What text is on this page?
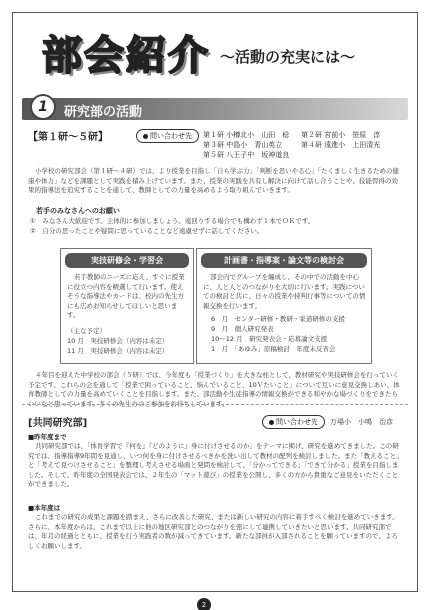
部会紹介 ～活動の充実には～
1	研究部の活動
【第１研～５研】	問い合わせ先	第１研 小樽北小　山田　稔 第２研 宮前小　笹原　淳
第３研 中島小　青山英立	第４研 遠進小　上田清光
第５研 八王子中　坂神道良
小学校の研究部会（第１研～４研）では、より授業を目指し「自ら学ぶ力」「判断を思いやる心」「たくましく生きるための健康や体力」などを課題として実践を積み上げています。また、授業の実践を共有し解決に向けて話し合うことや、技能習得の効果的指導法を追究することを通して、教師としての力量を高めるよう取り組んでいきます。
若手のみなさんへのお願い
①　みなさん大歓迎です。主体的に参加しましょう。遠回りする場合でも構わず１本でＯＫです。
②　自分の思ったことや疑問に思っていることなど遠慮せずに話してください。
実技研修会・学習会
若手教師のニーズに応え、すぐに授業に役立つ内容を精選して行います。使えそうな指導法やカードは、校内の先生方にも広めお知らせしてほしいと思います。
（主な予定）
10 月　実技研修会（内容は未定）
11 月　実技研修会（内容は未定）
計画書・指導案・論文等の検討会
部会内でグループを編成し、その中での活動を中心に、人と人とのつながりを大切に行います。実践についての検討と共に、日々の授業や持判行事等についての情報交換を行います。
6　月　センター研修・教研・家道研修の支援
9　月　個人研究発表
10～12 月　研究発表会・応募論文支援
1　月　「あゆみ」原稿検討　年度末反省会
４年目を迎えた中学校の部会（５研）では、今年度も「授業づくり」を大きな柱として、教材研究や実技研修会を行っていく予定です。これらの会を通して「授業で困っていること、悩んでいること、10Ｖたいこと」について互いに意見交換しあい、体育教師としての力量を高めていくことを目指します。また、部活動や生徒指導の情報交換ができる和やかな場づくりをできたらいいなと思っています。多くの先生方のご参加をお待ちしています。
[共同研究部]	問い合わせ先	万場小　小鳴　治彦
■昨年度まで
共同研究部では、「体育学習で『何を』『どのように』身に付けさせるのか」をテーマに掲げ、研究を進めてきました。この研究では、指導指導9年間を見通し、いつ何を身に付けさせるべきかを洗い出して教材の配列を検討しました。また「教えること」と「考えて見つけさせること」を整理し考えさせる場面と発問を検討して、「分かってできる」「できて分かる」授業を目指しました。そして、昨年度の全国発表会では、２年生の「マット遊び」の授業を公開し、多くの方から貴重なご意見をいただくことができました。
■本年度は
これまでの研究の成果と課題を踏まえ、さらに改善した研究、または新しい研究の内容に着手すべく検討を進めていきます。さらに、本年度からは、これまで以上に他の地区研究部とのつながりを密にして連携していきたいと思います。共同研究部では、年月の経過とともに、授業を行う実践者の数が減ってきています。新たな部員が入部されることを願っていますので、よろしくお願いします。
2
